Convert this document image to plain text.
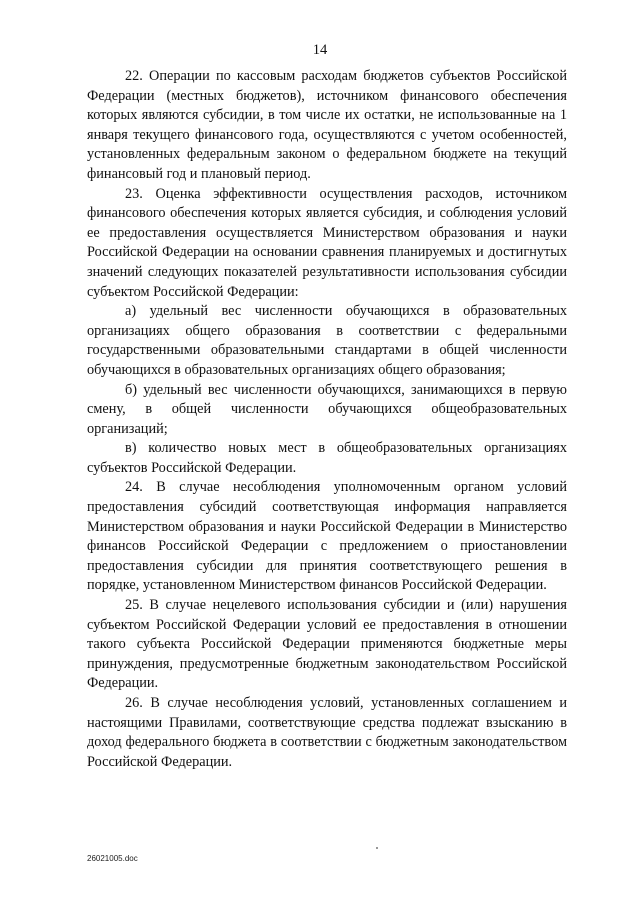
14

22. Операции по кассовым расходам бюджетов субъектов Российской Федерации (местных бюджетов), источником финансового обеспечения которых являются субсидии, в том числе их остатки, не использованные на 1 января текущего финансового года, осуществляются с учетом особенностей, установленных федеральным законом о федеральном бюджете на текущий финансовый год и плановый период.

23. Оценка эффективности осуществления расходов, источником финансового обеспечения которых является субсидия, и соблюдения условий ее предоставления осуществляется Министерством образования и науки Российской Федерации на основании сравнения планируемых и достигнутых значений следующих показателей результативности использования субсидии субъектом Российской Федерации:

а) удельный вес численности обучающихся в образовательных организациях общего образования в соответствии с федеральными государственными образовательными стандартами в общей численности обучающихся в образовательных организациях общего образования;

б) удельный вес численности обучающихся, занимающихся в первую смену, в общей численности обучающихся общеобразовательных организаций;

в) количество новых мест в общеобразовательных организациях субъектов Российской Федерации.

24. В случае несоблюдения уполномоченным органом условий предоставления субсидий соответствующая информация направляется Министерством образования и науки Российской Федерации в Министерство финансов Российской Федерации с предложением о приостановлении предоставления субсидии для принятия соответствующего решения в порядке, установленном Министерством финансов Российской Федерации.

25. В случае нецелевого использования субсидии и (или) нарушения субъектом Российской Федерации условий ее предоставления в отношении такого субъекта Российской Федерации применяются бюджетные меры принуждения, предусмотренные бюджетным законодательством Российской Федерации.

26. В случае несоблюдения условий, установленных соглашением и настоящими Правилами, соответствующие средства подлежат взысканию в доход федерального бюджета в соответствии с бюджетным законодательством Российской Федерации.

26021005.doc
